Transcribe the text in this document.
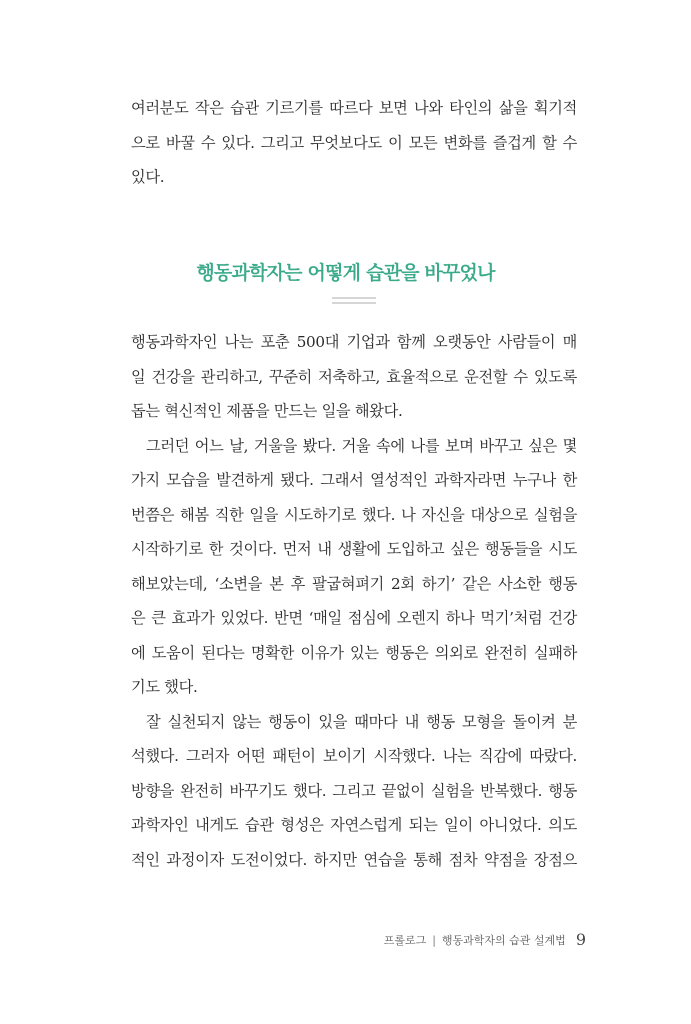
여러분도 작은 습관 기르기를 따르다 보면 나와 타인의 삶을 획기적
으로 바꿀 수 있다. 그리고 무엇보다도 이 모든 변화를 즐겁게 할 수
있다.
행동과학자는 어떻게 습관을 바꾸었나
행동과학자인 나는 포춘 500대 기업과 함께 오랫동안 사람들이 매
일 건강을 관리하고, 꾸준히 저축하고, 효율적으로 운전할 수 있도록
돕는 혁신적인 제품을 만드는 일을 해왔다.
그러던 어느 날, 거울을 봤다. 거울 속에 나를 보며 바꾸고 싶은 몇
가지 모습을 발견하게 됐다. 그래서 열성적인 과학자라면 누구나 한
번쯤은 해봄 직한 일을 시도하기로 했다. 나 자신을 대상으로 실험을
시작하기로 한 것이다. 먼저 내 생활에 도입하고 싶은 행동들을 시도
해보았는데, ‘소변을 본 후 팔굽혀펴기 2회 하기’ 같은 사소한 행동
은 큰 효과가 있었다. 반면 ‘매일 점심에 오렌지 하나 먹기’처럼 건강
에 도움이 된다는 명확한 이유가 있는 행동은 의외로 완전히 실패하
기도 했다.
잘 실천되지 않는 행동이 있을 때마다 내 행동 모형을 돌이켜 분
석했다. 그러자 어떤 패턴이 보이기 시작했다. 나는 직감에 따랐다.
방향을 완전히 바꾸기도 했다. 그리고 끝없이 실험을 반복했다. 행동
과학자인 내게도 습관 형성은 자연스럽게 되는 일이 아니었다. 의도
적인 과정이자 도전이었다. 하지만 연습을 통해 점차 약점을 장점으
프롤로그 | 행동과학자의 습관 설계법 9
